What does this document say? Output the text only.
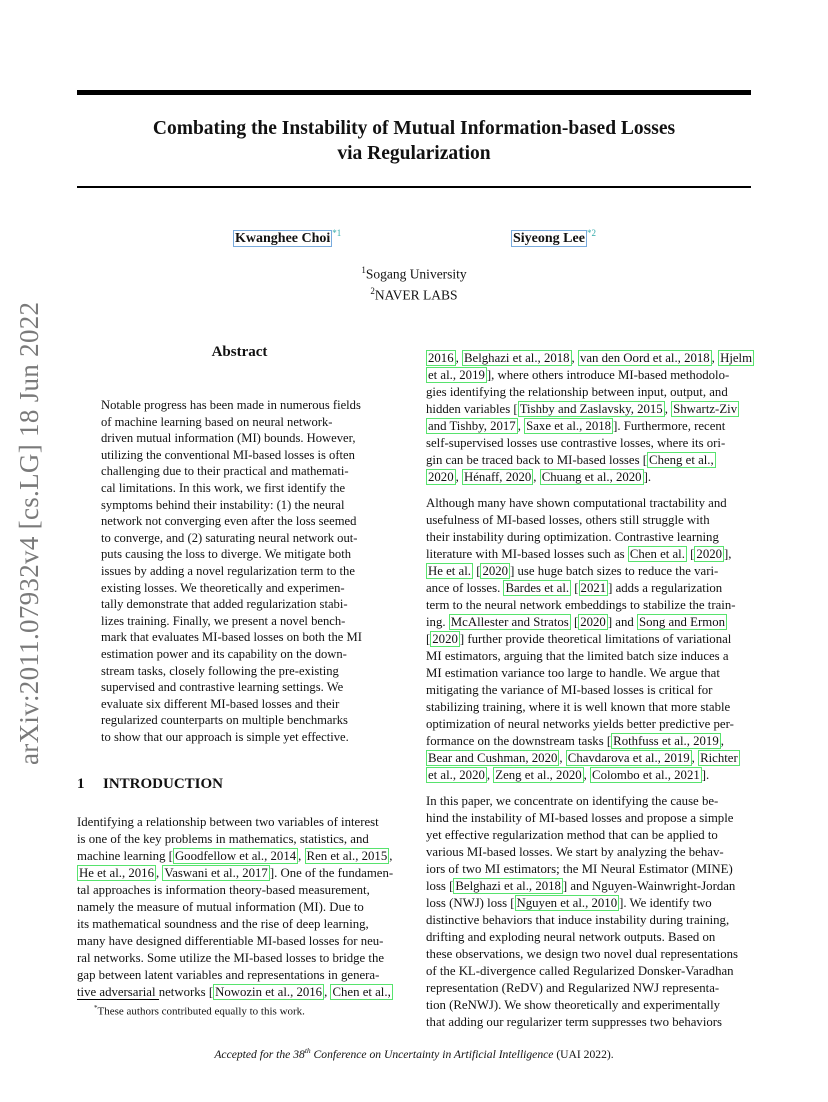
Combating the Instability of Mutual Information-based Losses
via Regularization
Kwanghee Choi $^{*1}$	Siyeong Lee $^{*2}$
$^1$Sogang University
$^2$NAVER LABS
arXiv:2011.07932v4 [cs.LG] 18 Jun 2022	Abstract

Notable progress has been made in numerous fields

of machine learning based on neural network-

driven mutual information (MI) bounds. However,

utilizing the conventional MI-based losses is often

challenging due to their practical and mathemati-

cal limitations. In this work, we first identify the

symptoms behind their instability: (1) the neural

network not converging even after the loss seemed

to converge, and (2) saturating neural network out-

puts causing the loss to diverge. We mitigate both

issues by adding a novel regularization term to the

existing losses. We theoretically and experimen-

tally demonstrate that added regularization stabi-

lizes training. Finally, we present a novel bench-

mark that evaluates MI-based losses on both the MI

estimation power and its capability on the down-

stream tasks, closely following the pre-existing

supervised and contrastive learning settings. We

evaluate six different MI-based losses and their

regularized counterparts on multiple benchmarks

to show that our approach is simple yet effective.

1 INTRODUCTION

Identifying a relationship between two variables of interest

is one of the key problems in mathematics, statistics, and

machine learning [ Goodfellow et al., 2014 , Ren et al., 2015 ,

He et al., 2016 , Vaswani et al., 2017 ]. One of the fundamen-

tal approaches is information theory-based measurement,

namely the measure of mutual information (MI). Due to

its mathematical soundness and the rise of deep learning,

many have designed differentiable MI-based losses for neu-

ral networks. Some utilize the MI-based losses to bridge the

gap between latent variables and representations in genera-

tive adversarial networks [ Nowozin et al., 2016 , Chen et al.,

2016 , Belghazi et al., 2018 , van den Oord et al., 2018 , Hjelm

et al., 2019 ], where others introduce MI-based methodolo-

gies identifying the relationship between input, output, and

hidden variables [ Tishby and Zaslavsky, 2015 , Shwartz-Ziv

and Tishby, 2017 , Saxe et al., 2018 ]. Furthermore, recent

self-supervised losses use contrastive losses, where its ori-

gin can be traced back to MI-based losses [ Cheng et al.,

2020 , Hénaff, 2020 , Chuang et al., 2020 ].

Although many have shown computational tractability and

usefulness of MI-based losses, others still struggle with

their instability during optimization. Contrastive learning

literature with MI-based losses such as Chen et al. [ 2020 ],

He et al. [ 2020 ] use huge batch sizes to reduce the vari-

ance of losses. Bardes et al. [ 2021 ] adds a regularization

term to the neural network embeddings to stabilize the train-

ing. McAllester and Stratos [ 2020 ] and Song and Ermon

[ 2020 ] further provide theoretical limitations of variational

MI estimators, arguing that the limited batch size induces a

MI estimation variance too large to handle. We argue that

mitigating the variance of MI-based losses is critical for

stabilizing training, where it is well known that more stable

optimization of neural networks yields better predictive per-

formance on the downstream tasks [ Rothfuss et al., 2019 ,

Bear and Cushman, 2020 , Chavdarova et al., 2019 , Richter

et al., 2020 , Zeng et al., 2020 , Colombo et al., 2021 ].

In this paper, we concentrate on identifying the cause be-

hind the instability of MI-based losses and propose a simple

yet effective regularization method that can be applied to

various MI-based losses. We start by analyzing the behav-

iors of two MI estimators; the MI Neural Estimator (MINE)

loss [ Belghazi et al., 2018 ] and Nguyen-Wainwright-Jordan

loss (NWJ) loss [ Nguyen et al., 2010 ]. We identify two

distinctive behaviors that induce instability during training,

drifting and exploding neural network outputs. Based on

these observations, we design two novel dual representations

of the KL-divergence called Regularized Donsker-Varadhan

representation (ReDV) and Regularized NWJ representa-

tion (ReNWJ). We show theoretically and experimentally

that adding our regularizer term suppresses two behaviors

*These authors contributed equally to this work.
Accepted for the 38th Conference on Uncertainty in Artificial Intelligence (UAI 2022).
